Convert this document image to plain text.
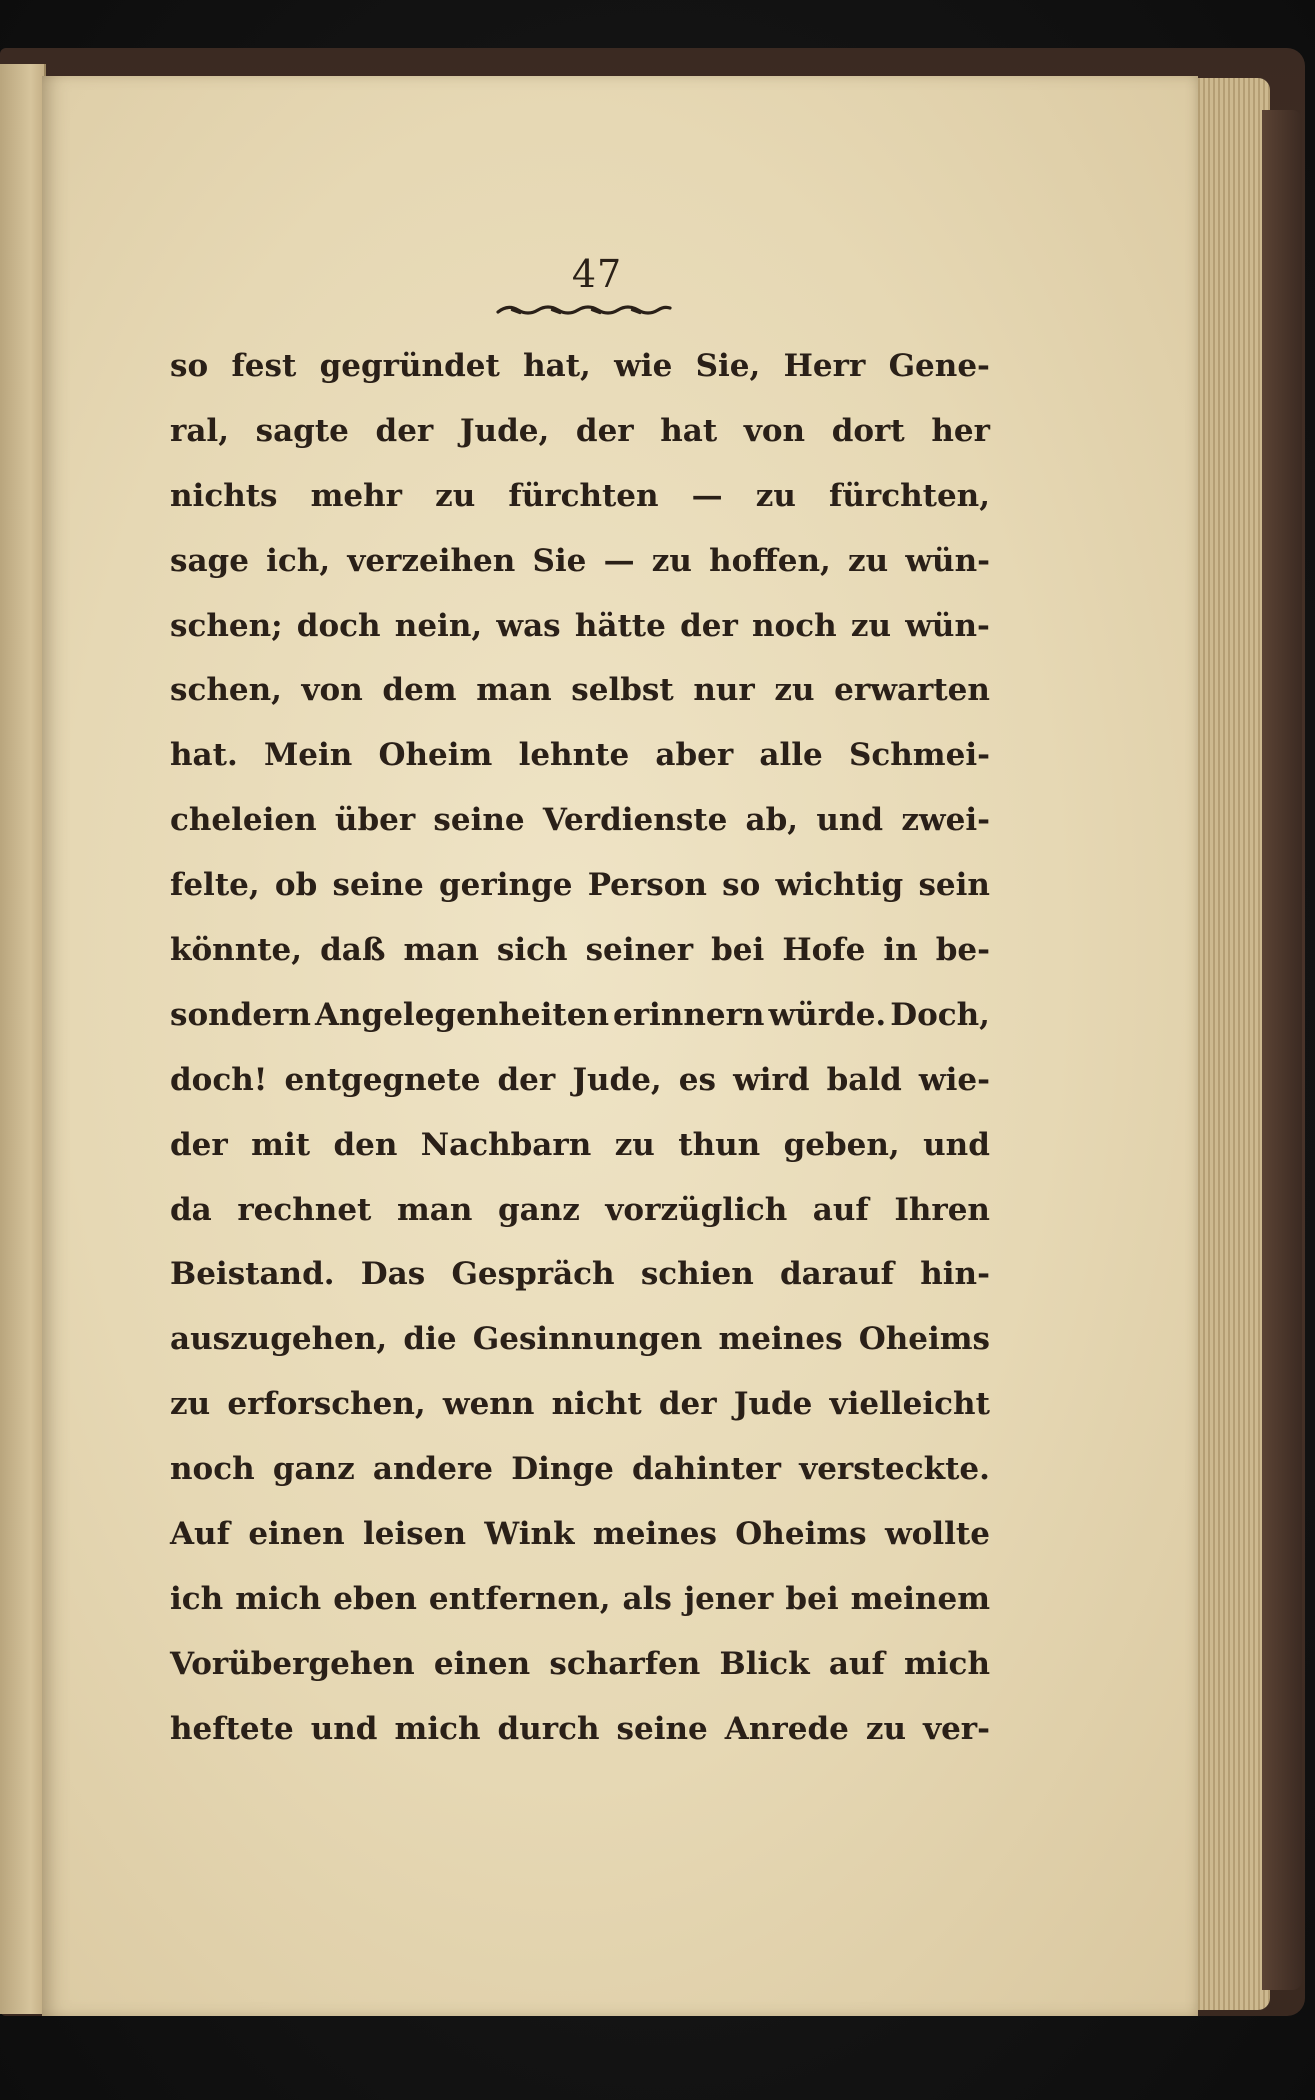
47
so fest gegründet hat, wie Sie, Herr Gene-
ral, sagte der Jude, der hat von dort her
nichts mehr zu fürchten — zu fürchten,
sage ich, verzeihen Sie — zu hoffen, zu wün-
schen; doch nein, was hätte der noch zu wün-
schen, von dem man selbst nur zu erwarten
hat. Mein Oheim lehnte aber alle Schmei-
cheleien über seine Verdienste ab, und zwei-
felte, ob seine geringe Person so wichtig sein
könnte, daß man sich seiner bei Hofe in be-
sondern Angelegenheiten erinnern würde. Doch,
doch! entgegnete der Jude, es wird bald wie-
der mit den Nachbarn zu thun geben, und
da rechnet man ganz vorzüglich auf Ihren
Beistand. Das Gespräch schien darauf hin-
auszugehen, die Gesinnungen meines Oheims
zu erforschen, wenn nicht der Jude vielleicht
noch ganz andere Dinge dahinter versteckte.
Auf einen leisen Wink meines Oheims wollte
ich mich eben entfernen, als jener bei meinem
Vorübergehen einen scharfen Blick auf mich
heftete und mich durch seine Anrede zu ver-
